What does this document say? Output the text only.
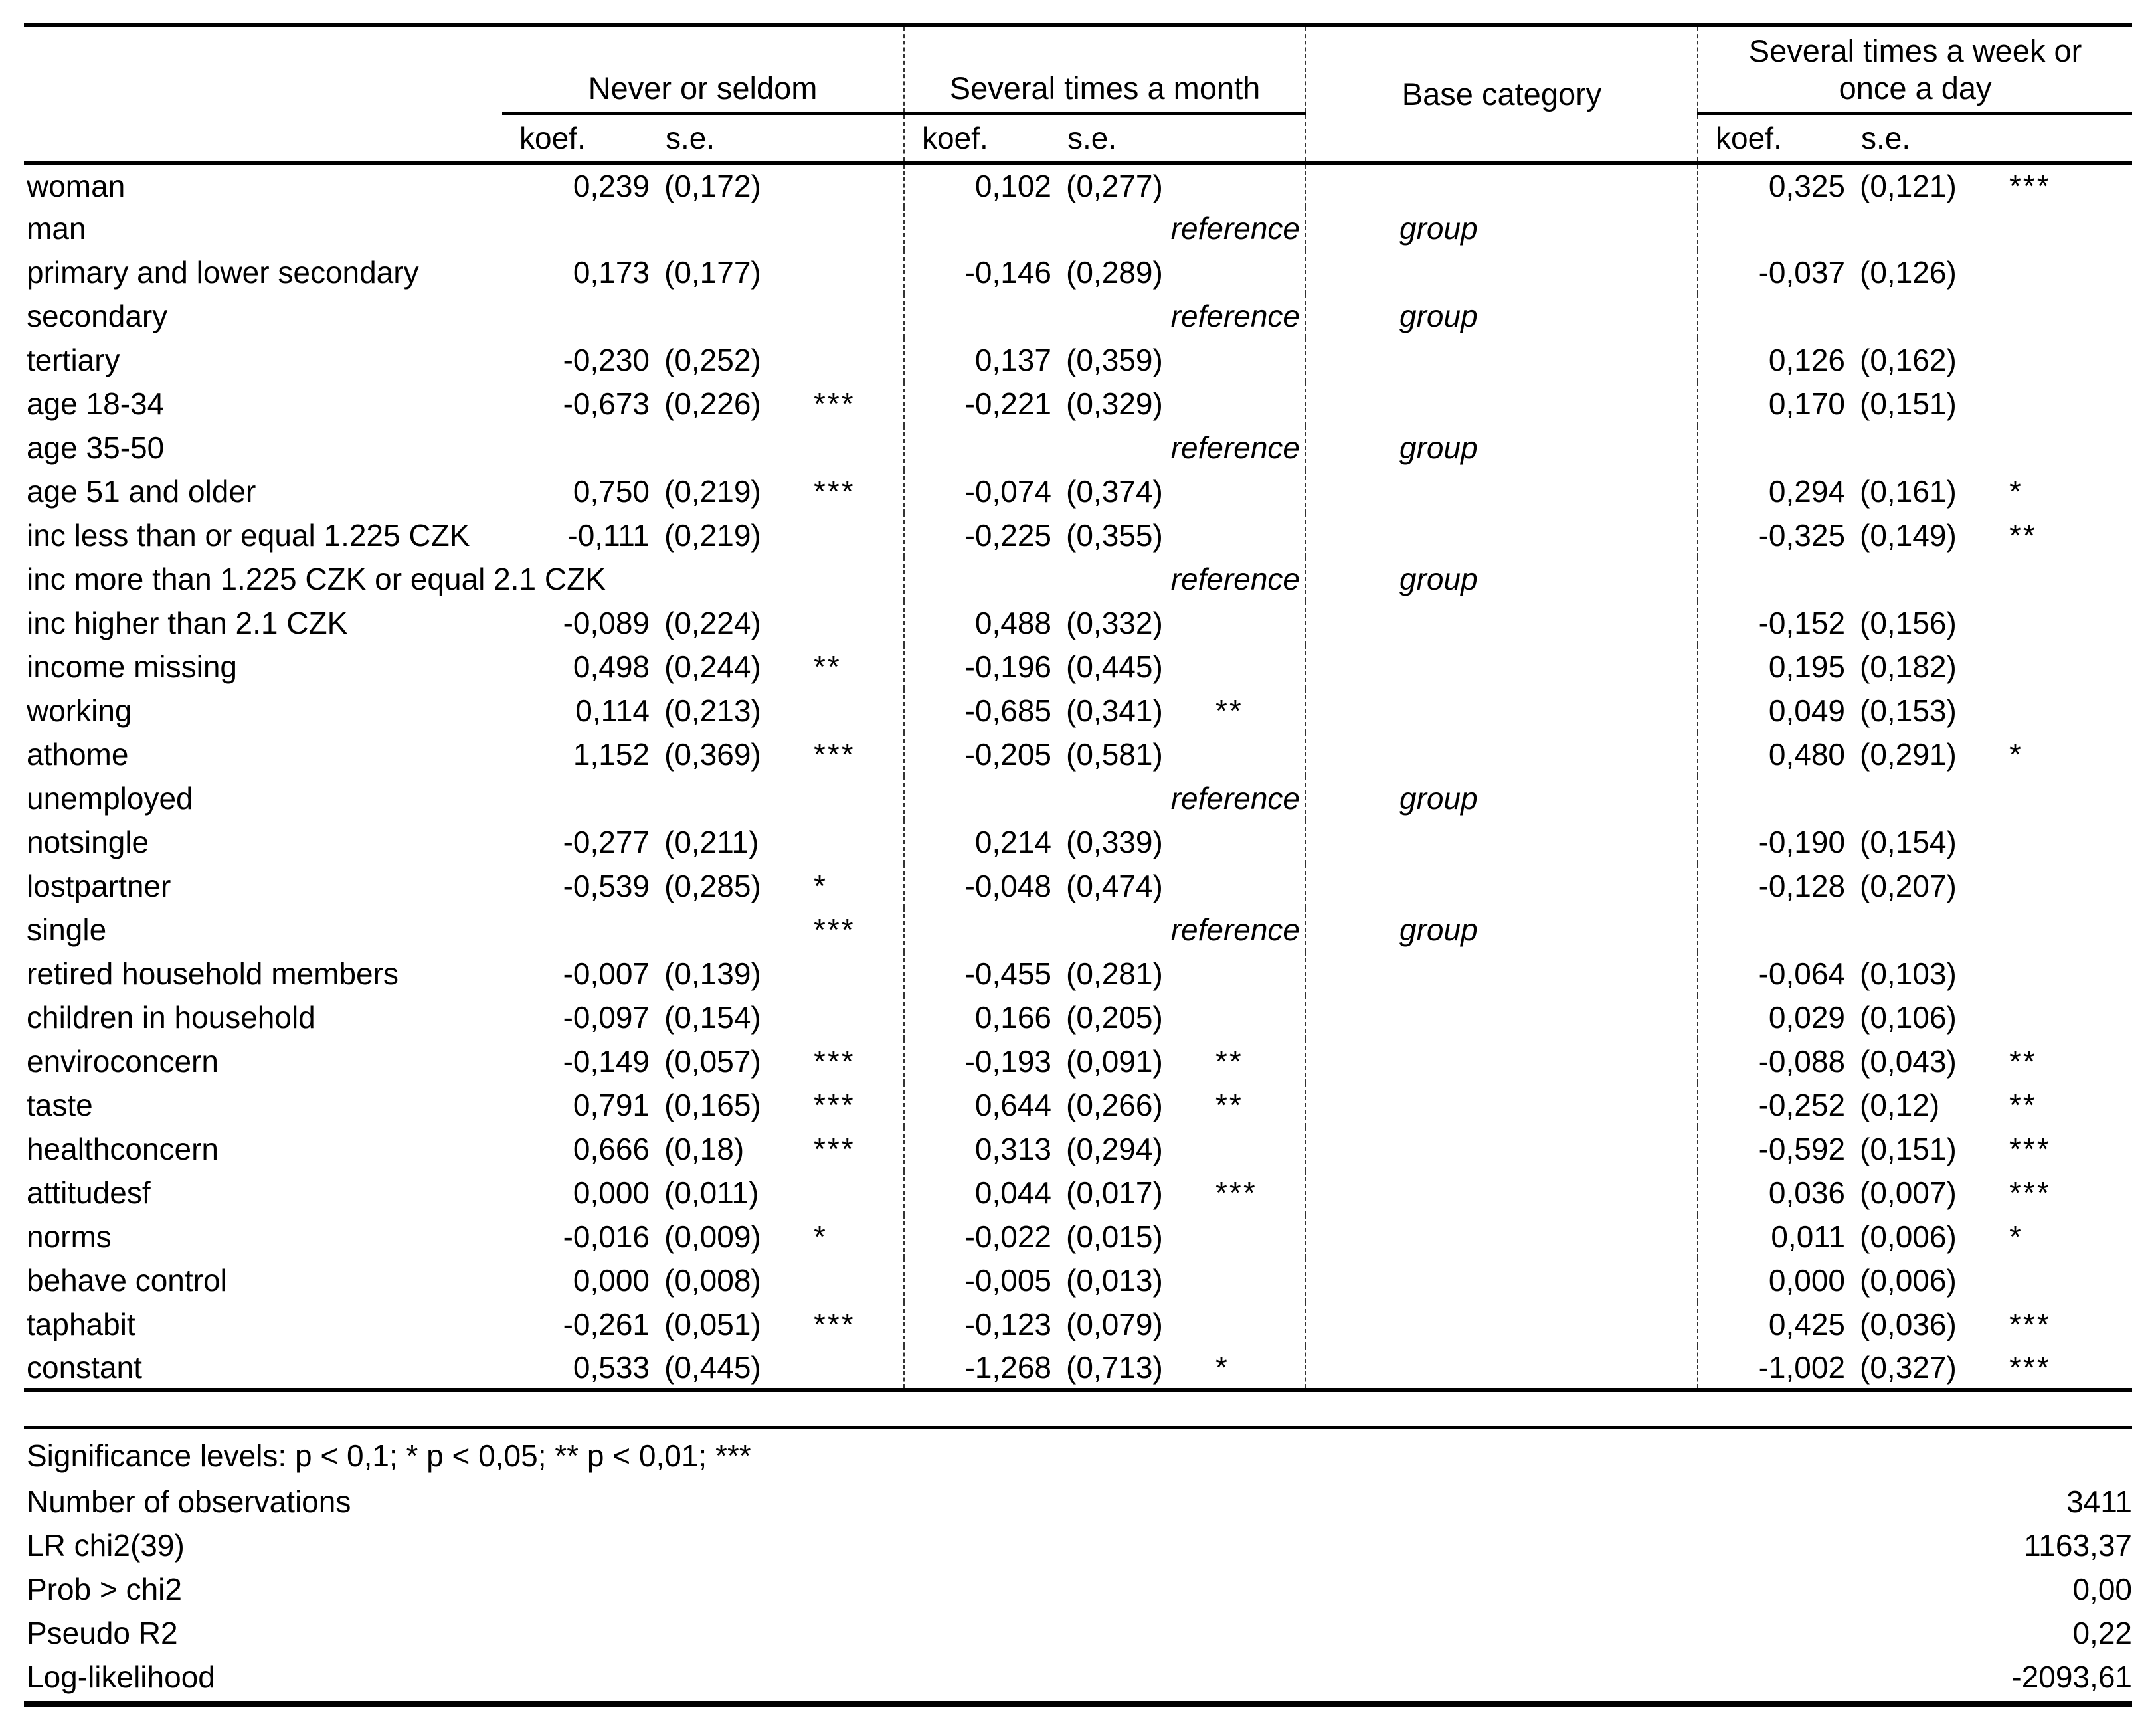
	Never or seldom			Several times a month			Base category	Several times a week or once a day		
	koef.	s.e.		koef.	s.e.			koef.	s.e.	
woman	0,239	(0,172)		0,102	(0,277)			0,325	(0,121)	***
man				reference			group			
primary and lower secondary	0,173	(0,177)		-0,146	(0,289)			-0,037	(0,126)	
secondary				reference			group			
tertiary	-0,230	(0,252)		0,137	(0,359)			0,126	(0,162)	
age 18-34	-0,673	(0,226)	***	-0,221	(0,329)			0,170	(0,151)	
age 35-50				reference			group			
age 51 and older	0,750	(0,219)	***	-0,074	(0,374)			0,294	(0,161)	*
inc less than or equal 1.225 CZK	-0,111	(0,219)		-0,225	(0,355)			-0,325	(0,149)	**
inc more than 1.225 CZK or equal 2.1 CZK				reference			group			
inc higher than 2.1 CZK	-0,089	(0,224)		0,488	(0,332)			-0,152	(0,156)	
income missing	0,498	(0,244)	**	-0,196	(0,445)			0,195	(0,182)	
working	0,114	(0,213)		-0,685	(0,341)	**		0,049	(0,153)	
athome	1,152	(0,369)	***	-0,205	(0,581)			0,480	(0,291)	*
unemployed				reference			group			
notsingle	-0,277	(0,211)		0,214	(0,339)			-0,190	(0,154)	
lostpartner	-0,539	(0,285)	*	-0,048	(0,474)			-0,128	(0,207)	
single			***	reference			group			
retired household members	-0,007	(0,139)		-0,455	(0,281)			-0,064	(0,103)	
children in household	-0,097	(0,154)		0,166	(0,205)			0,029	(0,106)	
enviroconcern	-0,149	(0,057)	***	-0,193	(0,091)	**		-0,088	(0,043)	**
taste	0,791	(0,165)	***	0,644	(0,266)	**		-0,252	(0,12)	**
healthconcern	0,666	(0,18)	***	0,313	(0,294)			-0,592	(0,151)	***
attitudesf	0,000	(0,011)		0,044	(0,017)	***		0,036	(0,007)	***
norms	-0,016	(0,009)	*	-0,022	(0,015)			0,011	(0,006)	*
behave control	0,000	(0,008)		-0,005	(0,013)			0,000	(0,006)	
taphabit	-0,261	(0,051)	***	-0,123	(0,079)			0,425	(0,036)	***
constant	0,533	(0,445)		-1,268	(0,713)	*		-1,002	(0,327)	***
Significance levels: p < 0,1; * p < 0,05; ** p < 0,01; ***
Number of observations	3411
LR chi2(39)	1163,37
Prob > chi2	0,00
Pseudo R2	0,22
Log-likelihood	-2093,61
